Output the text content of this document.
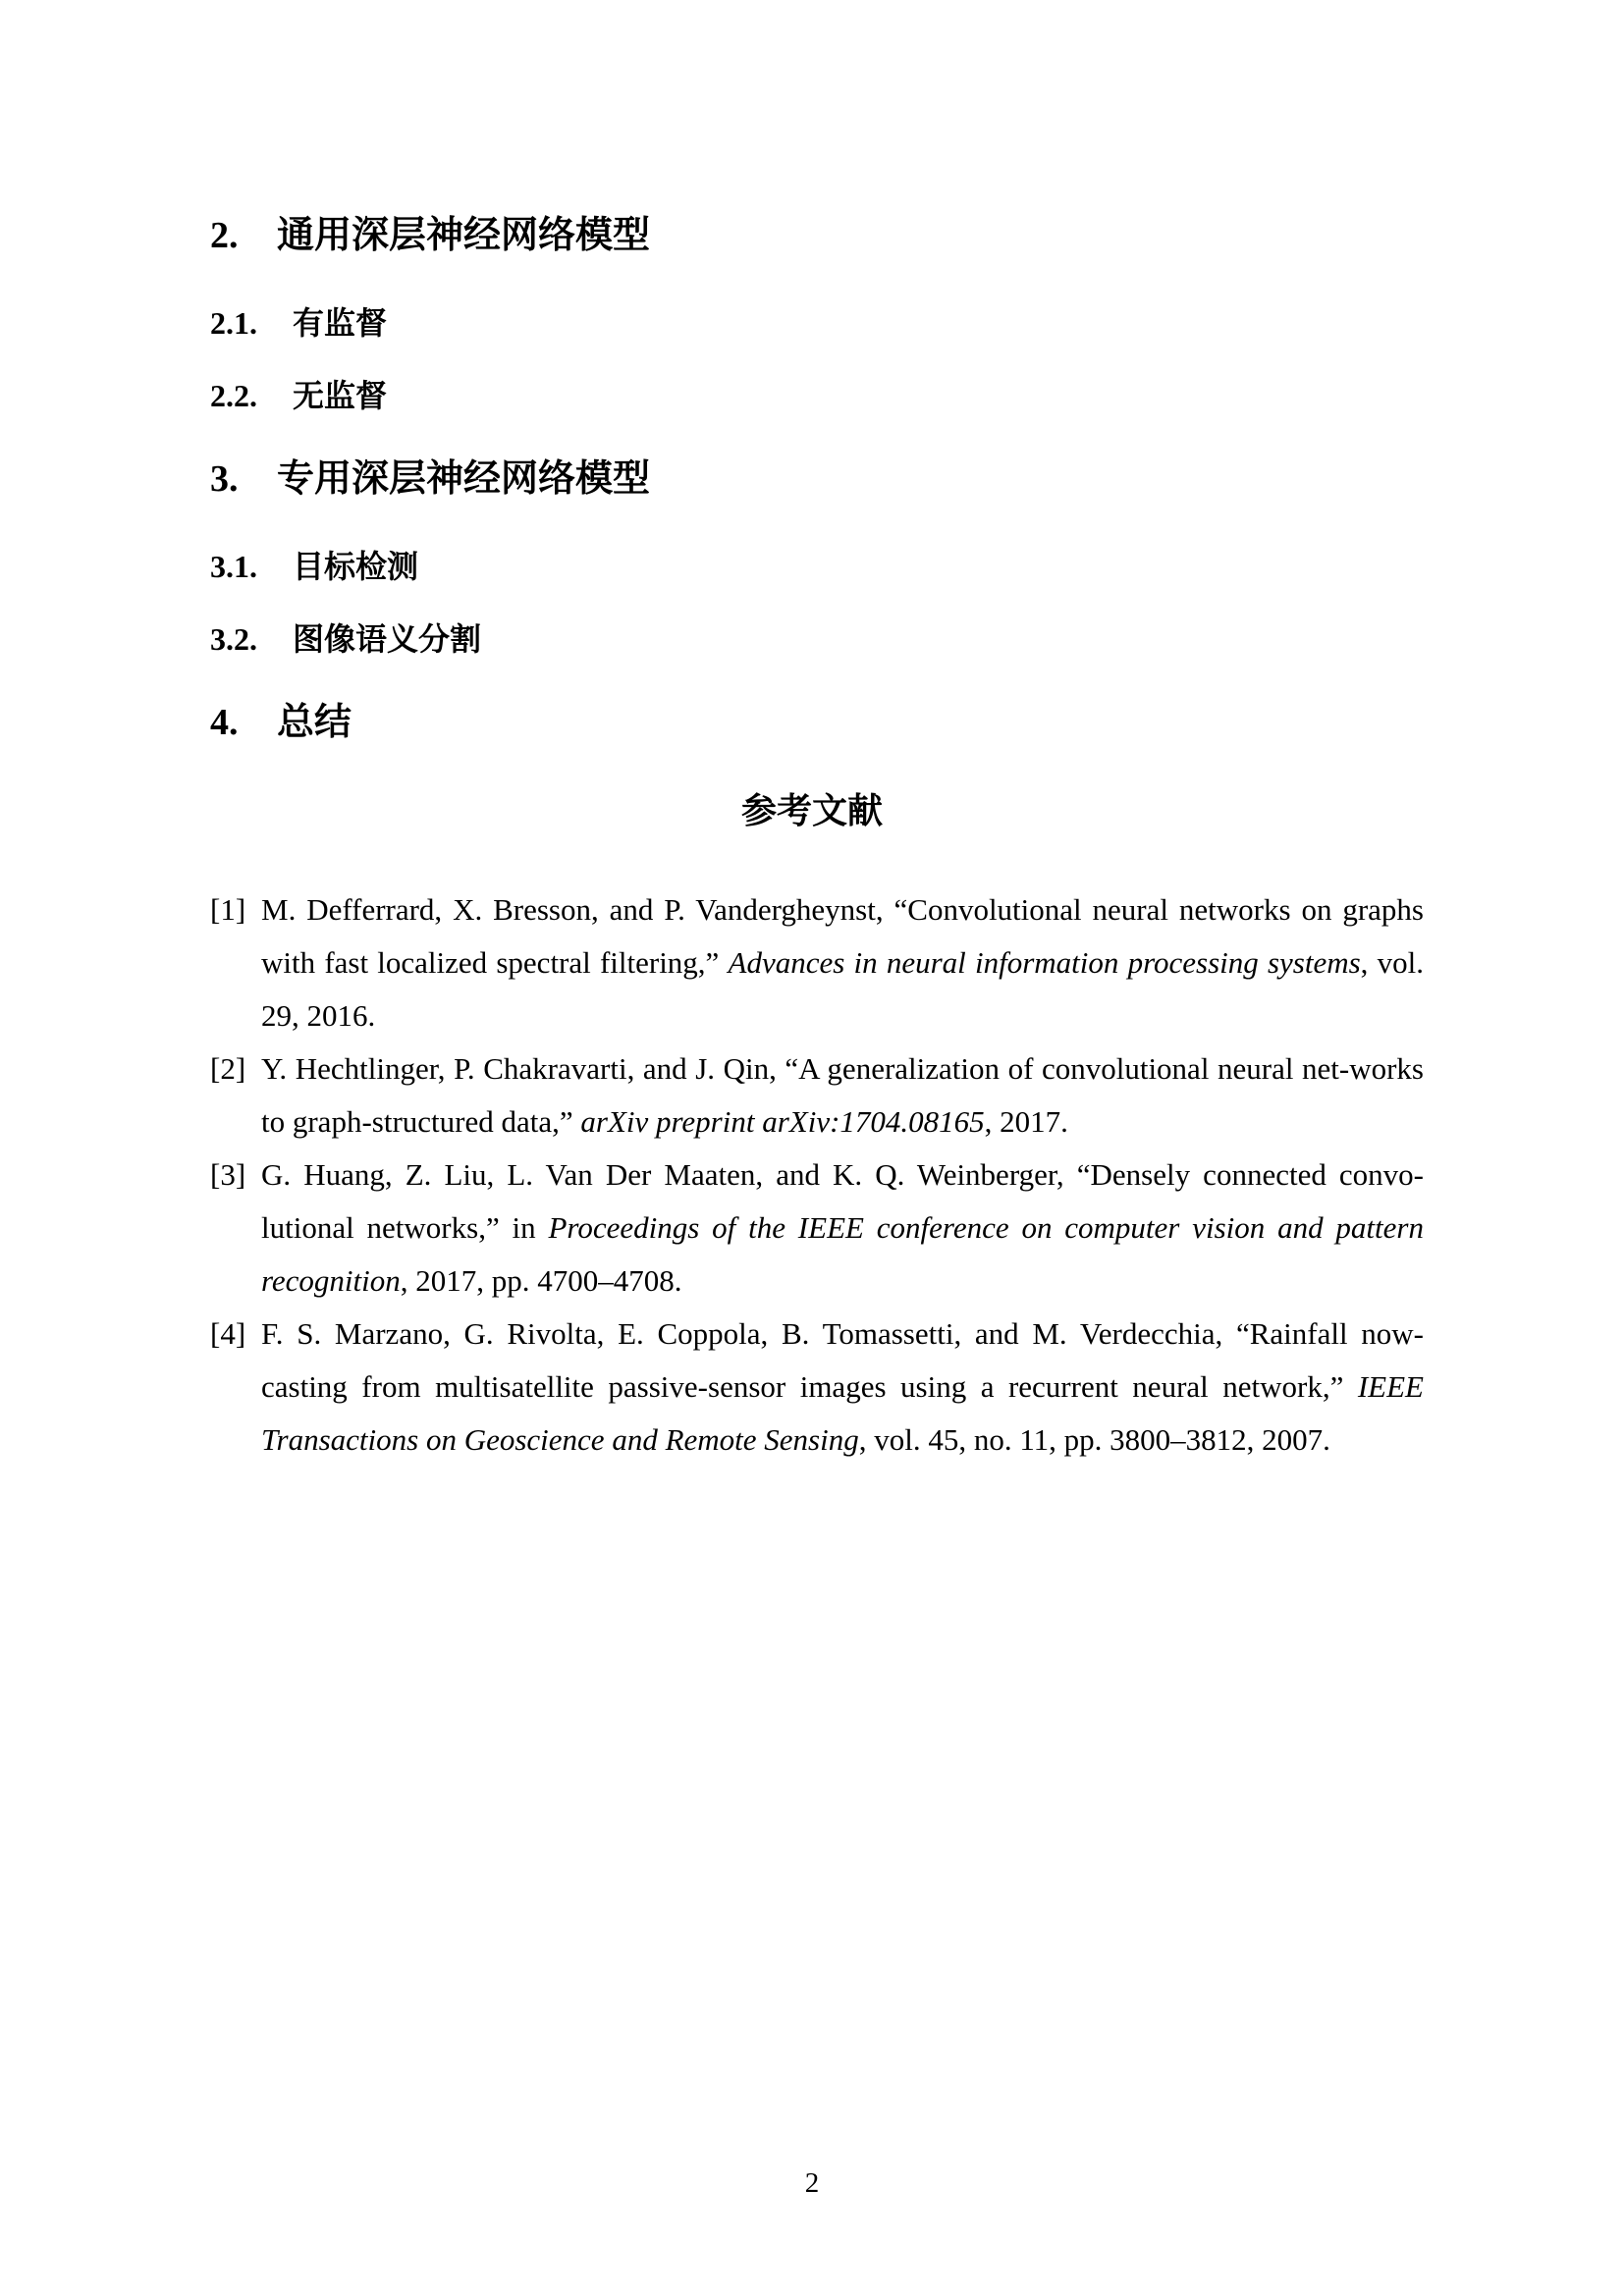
2. 通用深层神经网络模型
2.1. 有监督
2.2. 无监督
3. 专用深层神经网络模型
3.1. 目标检测
3.2. 图像语义分割
4. 总结
参考文献
[1] M. Defferrard, X. Bresson, and P. Vandergheynst, “Convolutional neural networks on graphs with fast localized spectral filtering,” Advances in neural information processing systems, vol. 29, 2016.
[2] Y. Hechtlinger, P. Chakravarti, and J. Qin, “A generalization of convolutional neural net-works to graph-structured data,” arXiv preprint arXiv:1704.08165, 2017.
[3] G. Huang, Z. Liu, L. Van Der Maaten, and K. Q. Weinberger, “Densely connected convo-lutional networks,” in Proceedings of the IEEE conference on computer vision and pattern recognition, 2017, pp. 4700–4708.
[4] F. S. Marzano, G. Rivolta, E. Coppola, B. Tomassetti, and M. Verdecchia, “Rainfall now-casting from multisatellite passive-sensor images using a recurrent neural network,” IEEE Transactions on Geoscience and Remote Sensing, vol. 45, no. 11, pp. 3800–3812, 2007.
2
